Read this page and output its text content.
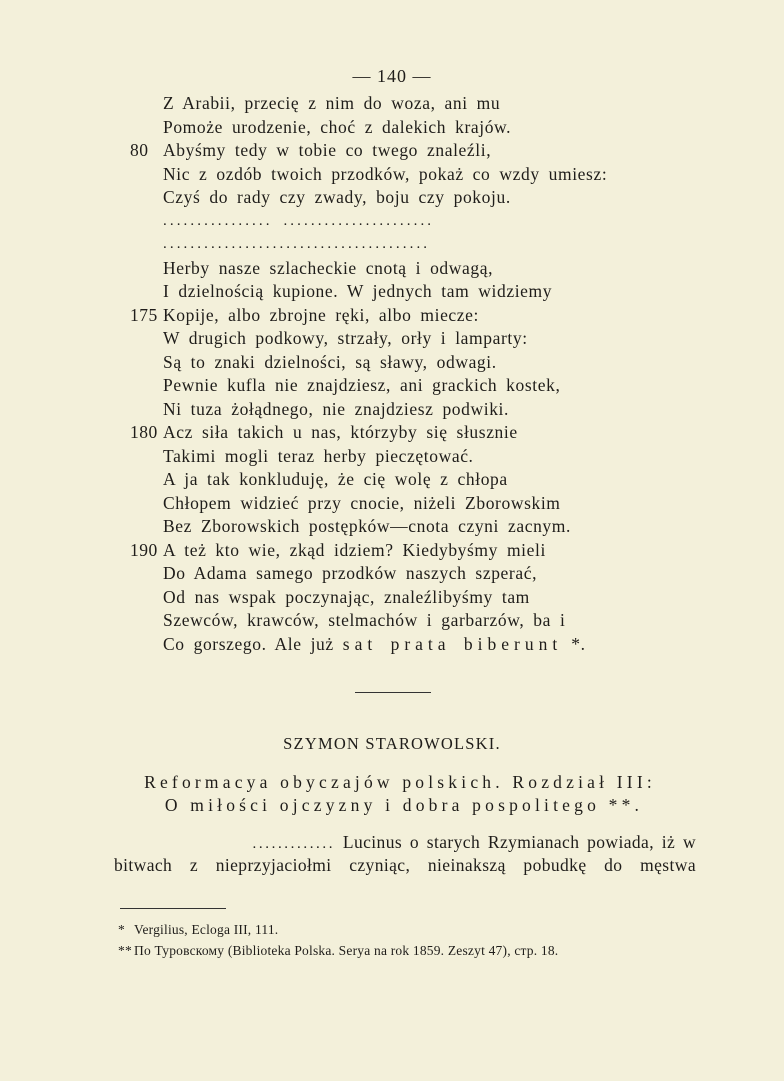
— 140 —
Z Arabii, przecię z nim do woza, ani mu
Pomoże urodzenie, choć z dalekich krajów.
80 Abyśmy tedy w tobie co twego znaleźli,
Nic z ozdób twoich przodków, pokaż co wzdy umiesz:
Czyś do rady czy zwady, boju czy pokoju.
................ ......................
.......................................
Herby nasze szlacheckie cnotą i odwagą,
I dzielnością kupione. W jednych tam widziemy
175 Kopije, albo zbrojne ręki, albo miecze:
W drugich podkowy, strzały, orły i lamparty:
Są to znaki dzielności, są sławy, odwagi.
Pewnie kufla nie znajdziesz, ani grackich kostek,
Ni tuza żołądnego, nie znajdziesz podwiki.
180 Acz siła takich u nas, którzyby się słusznie
Takimi mogli teraz herby pieczętować.
A ja tak konkluduję, że cię wolę z chłopa
Chłopem widzieć przy cnocie, niżeli Zborowskim
Bez Zborowskich postępków—cnota czyni zacnym.
190 A też kto wie, zkąd idziem? Kiedybyśmy mieli
Do Adama samego przodków naszych szperać,
Od nas wspak poczynając, znaleźlibyśmy tam
Szewców, krawców, stelmachów i garbarzów, ba i
Co gorszego. Ale już sat prata biberunt *.
SZYMON STAROWOLSKI.
Reformacya obyczajów polskich. Rozdział III:
O miłości ojczyzny i dobra pospolitego **.
............. Lucinus o starych Rzymianach powiada, iż w
bitwach z nieprzyjaciołmi czyniąc, nieinakszą pobudkę do męstwa
* Vergilius, Ecloga III, 111.
** По Туровскому (Biblioteka Polska. Serya na rok 1859. Zeszyt 47), стр. 18.
